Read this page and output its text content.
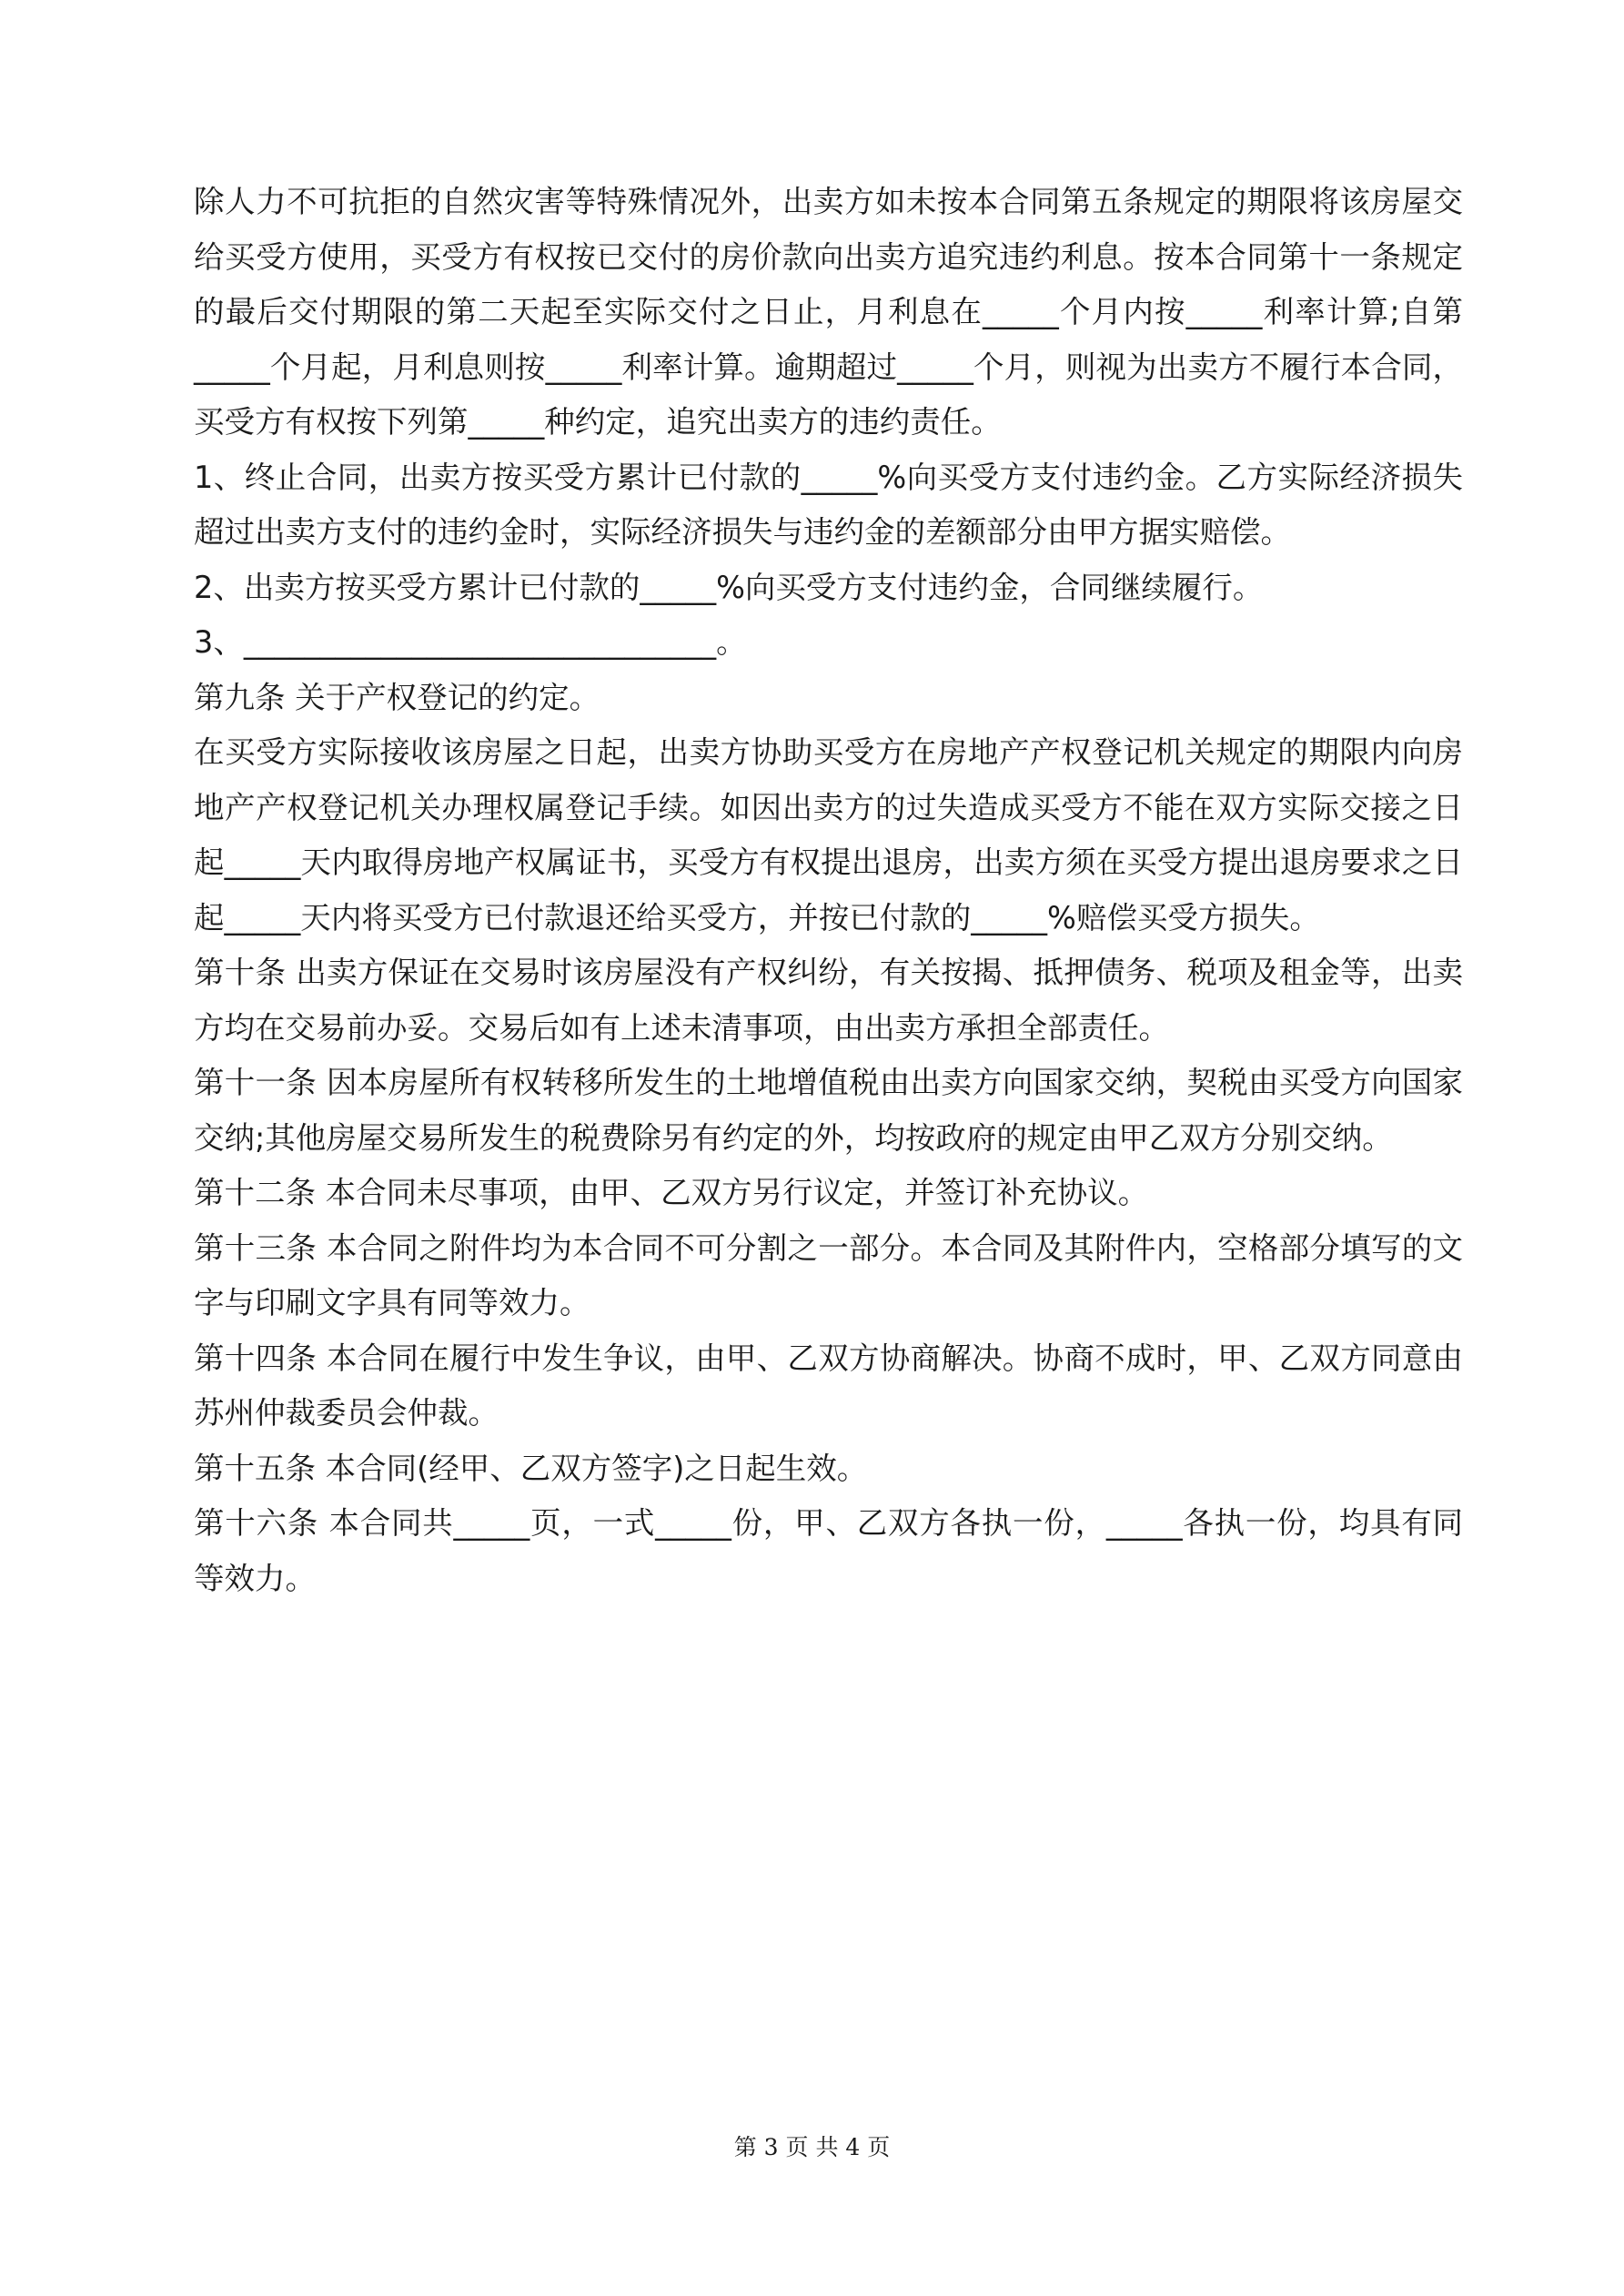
除人力不可抗拒的自然灾害等特殊情况外，出卖方如未按本合同第五条规定的期限将该房屋交给买受方使用，买受方有权按已交付的房价款向出卖方追究违约利息。按本合同第十一条规定的最后交付期限的第二天起至实际交付之日止，月利息在_____个月内按_____利率计算;自第_____个月起，月利息则按_____利率计算。逾期超过_____个月，则视为出卖方不履行本合同，买受方有权按下列第_____种约定，追究出卖方的违约责任。

1、终止合同，出卖方按买受方累计已付款的_____%向买受方支付违约金。乙方实际经济损失超过出卖方支付的违约金时，实际经济损失与违约金的差额部分由甲方据实赔偿。

2、出卖方按买受方累计已付款的_____%向买受方支付违约金，合同继续履行。

3、_______________________________。

第九条 关于产权登记的约定。

在买受方实际接收该房屋之日起，出卖方协助买受方在房地产产权登记机关规定的期限内向房地产产权登记机关办理权属登记手续。如因出卖方的过失造成买受方不能在双方实际交接之日起_____天内取得房地产权属证书，买受方有权提出退房，出卖方须在买受方提出退房要求之日起_____天内将买受方已付款退还给买受方，并按已付款的_____%赔偿买受方损失。

第十条 出卖方保证在交易时该房屋没有产权纠纷，有关按揭、抵押债务、税项及租金等，出卖方均在交易前办妥。交易后如有上述未清事项，由出卖方承担全部责任。

第十一条 因本房屋所有权转移所发生的土地增值税由出卖方向国家交纳，契税由买受方向国家交纳;其他房屋交易所发生的税费除另有约定的外，均按政府的规定由甲乙双方分别交纳。

第十二条 本合同未尽事项，由甲、乙双方另行议定，并签订补充协议。

第十三条 本合同之附件均为本合同不可分割之一部分。本合同及其附件内，空格部分填写的文字与印刷文字具有同等效力。

第十四条 本合同在履行中发生争议，由甲、乙双方协商解决。协商不成时，甲、乙双方同意由苏州仲裁委员会仲裁。

第十五条 本合同(经甲、乙双方签字)之日起生效。

第十六条 本合同共_____页，一式_____份，甲、乙双方各执一份，_____各执一份，均具有同等效力。

第 3 页 共 4 页
